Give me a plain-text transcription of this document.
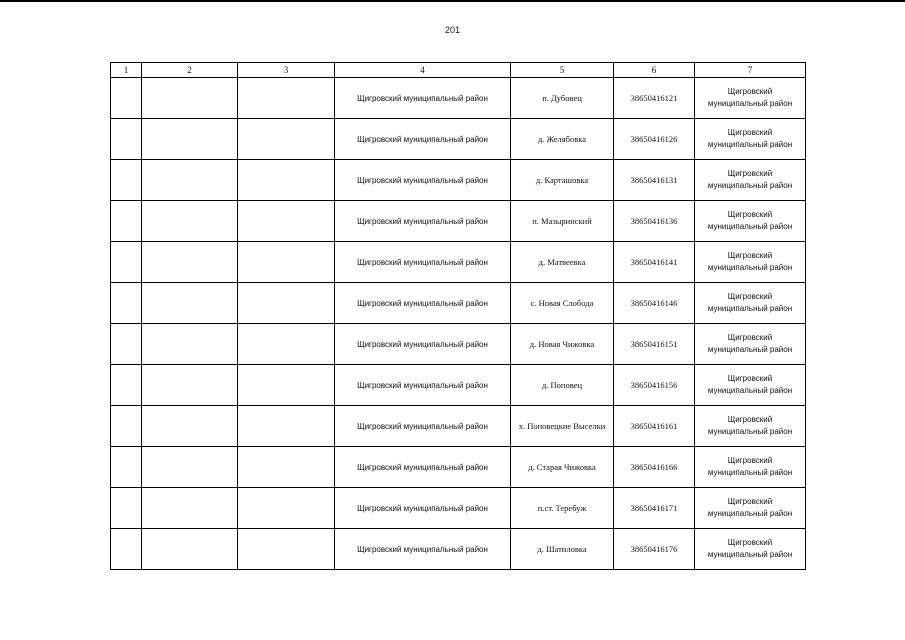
201
1	2	3	4	5	6	7
			Щигровский муниципальный район	п. Дубовец	38650416121	Щигровский
муниципальный район

			Щигровский муниципальный район	д. Желябовка	38650416126	Щигровский
муниципальный район

			Щигровский муниципальный район	д. Карташовка	38650416131	Щигровский
муниципальный район

			Щигровский муниципальный район	п. Мазыринский	38650416136	Щигровский
муниципальный район

			Щигровский муниципальный район	д. Матвеевка	38650416141	Щигровский
муниципальный район

			Щигровский муниципальный район	с. Новая Слобода	38650416146	Щигровский
муниципальный район

			Щигровский муниципальный район	д. Новая Чижовка	38650416151	Щигровский
муниципальный район

			Щигровский муниципальный район	д. Поповец	38650416156	Щигровский
муниципальный район

			Щигровский муниципальный район	х. Поповецкие Выселки	38650416161	Щигровский
муниципальный район

			Щигровский муниципальный район	д. Старая Чижовка	38650416166	Щигровский
муниципальный район

			Щигровский муниципальный район	п.ст. Теребуж	38650416171	Щигровский
муниципальный район

			Щигровский муниципальный район	д. Шатиловка	38650416176	Щигровский
муниципальный район
